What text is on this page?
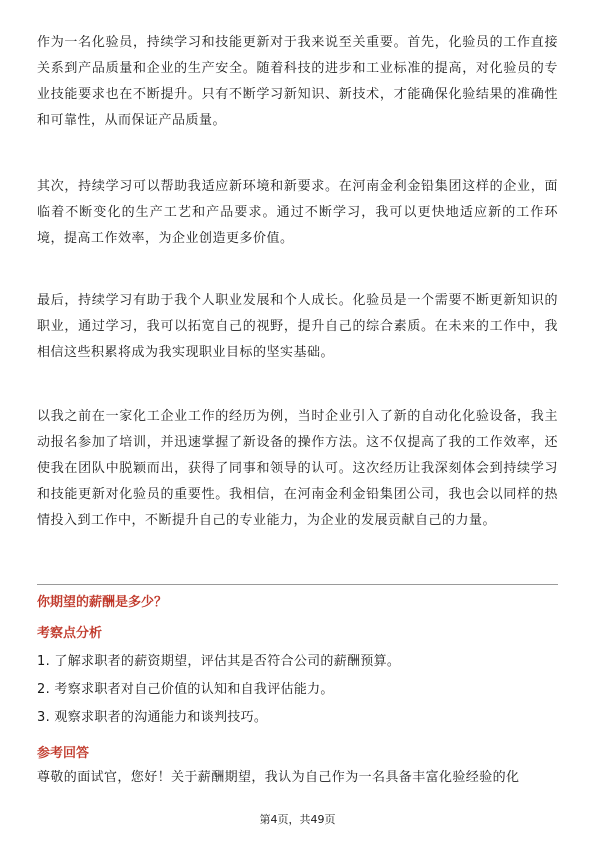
作为一名化验员，持续学习和技能更新对于我来说至关重要。首先，化验员的工作直接关系到产品质量和企业的生产安全。随着科技的进步和工业标准的提高，对化验员的专业技能要求也在不断提升。只有不断学习新知识、新技术，才能确保化验结果的准确性和可靠性，从而保证产品质量。

其次，持续学习可以帮助我适应新环境和新要求。在河南金利金铅集团这样的企业，面临着不断变化的生产工艺和产品要求。通过不断学习，我可以更快地适应新的工作环境，提高工作效率，为企业创造更多价值。

最后，持续学习有助于我个人职业发展和个人成长。化验员是一个需要不断更新知识的职业，通过学习，我可以拓宽自己的视野，提升自己的综合素质。在未来的工作中，我相信这些积累将成为我实现职业目标的坚实基础。

以我之前在一家化工企业工作的经历为例，当时企业引入了新的自动化化验设备，我主动报名参加了培训，并迅速掌握了新设备的操作方法。这不仅提高了我的工作效率，还使我在团队中脱颖而出，获得了同事和领导的认可。这次经历让我深刻体会到持续学习和技能更新对化验员的重要性。我相信，在河南金利金铅集团公司，我也会以同样的热情投入到工作中，不断提升自己的专业能力，为企业的发展贡献自己的力量。

你期望的薪酬是多少？
考察点分析
1. 了解求职者的薪资期望，评估其是否符合公司的薪酬预算。
2. 考察求职者对自己价值的认知和自我评估能力。
3. 观察求职者的沟通能力和谈判技巧。
参考回答
尊敬的面试官，您好！关于薪酬期望，我认为自己作为一名具备丰富化验经验的化
第4页，共49页
